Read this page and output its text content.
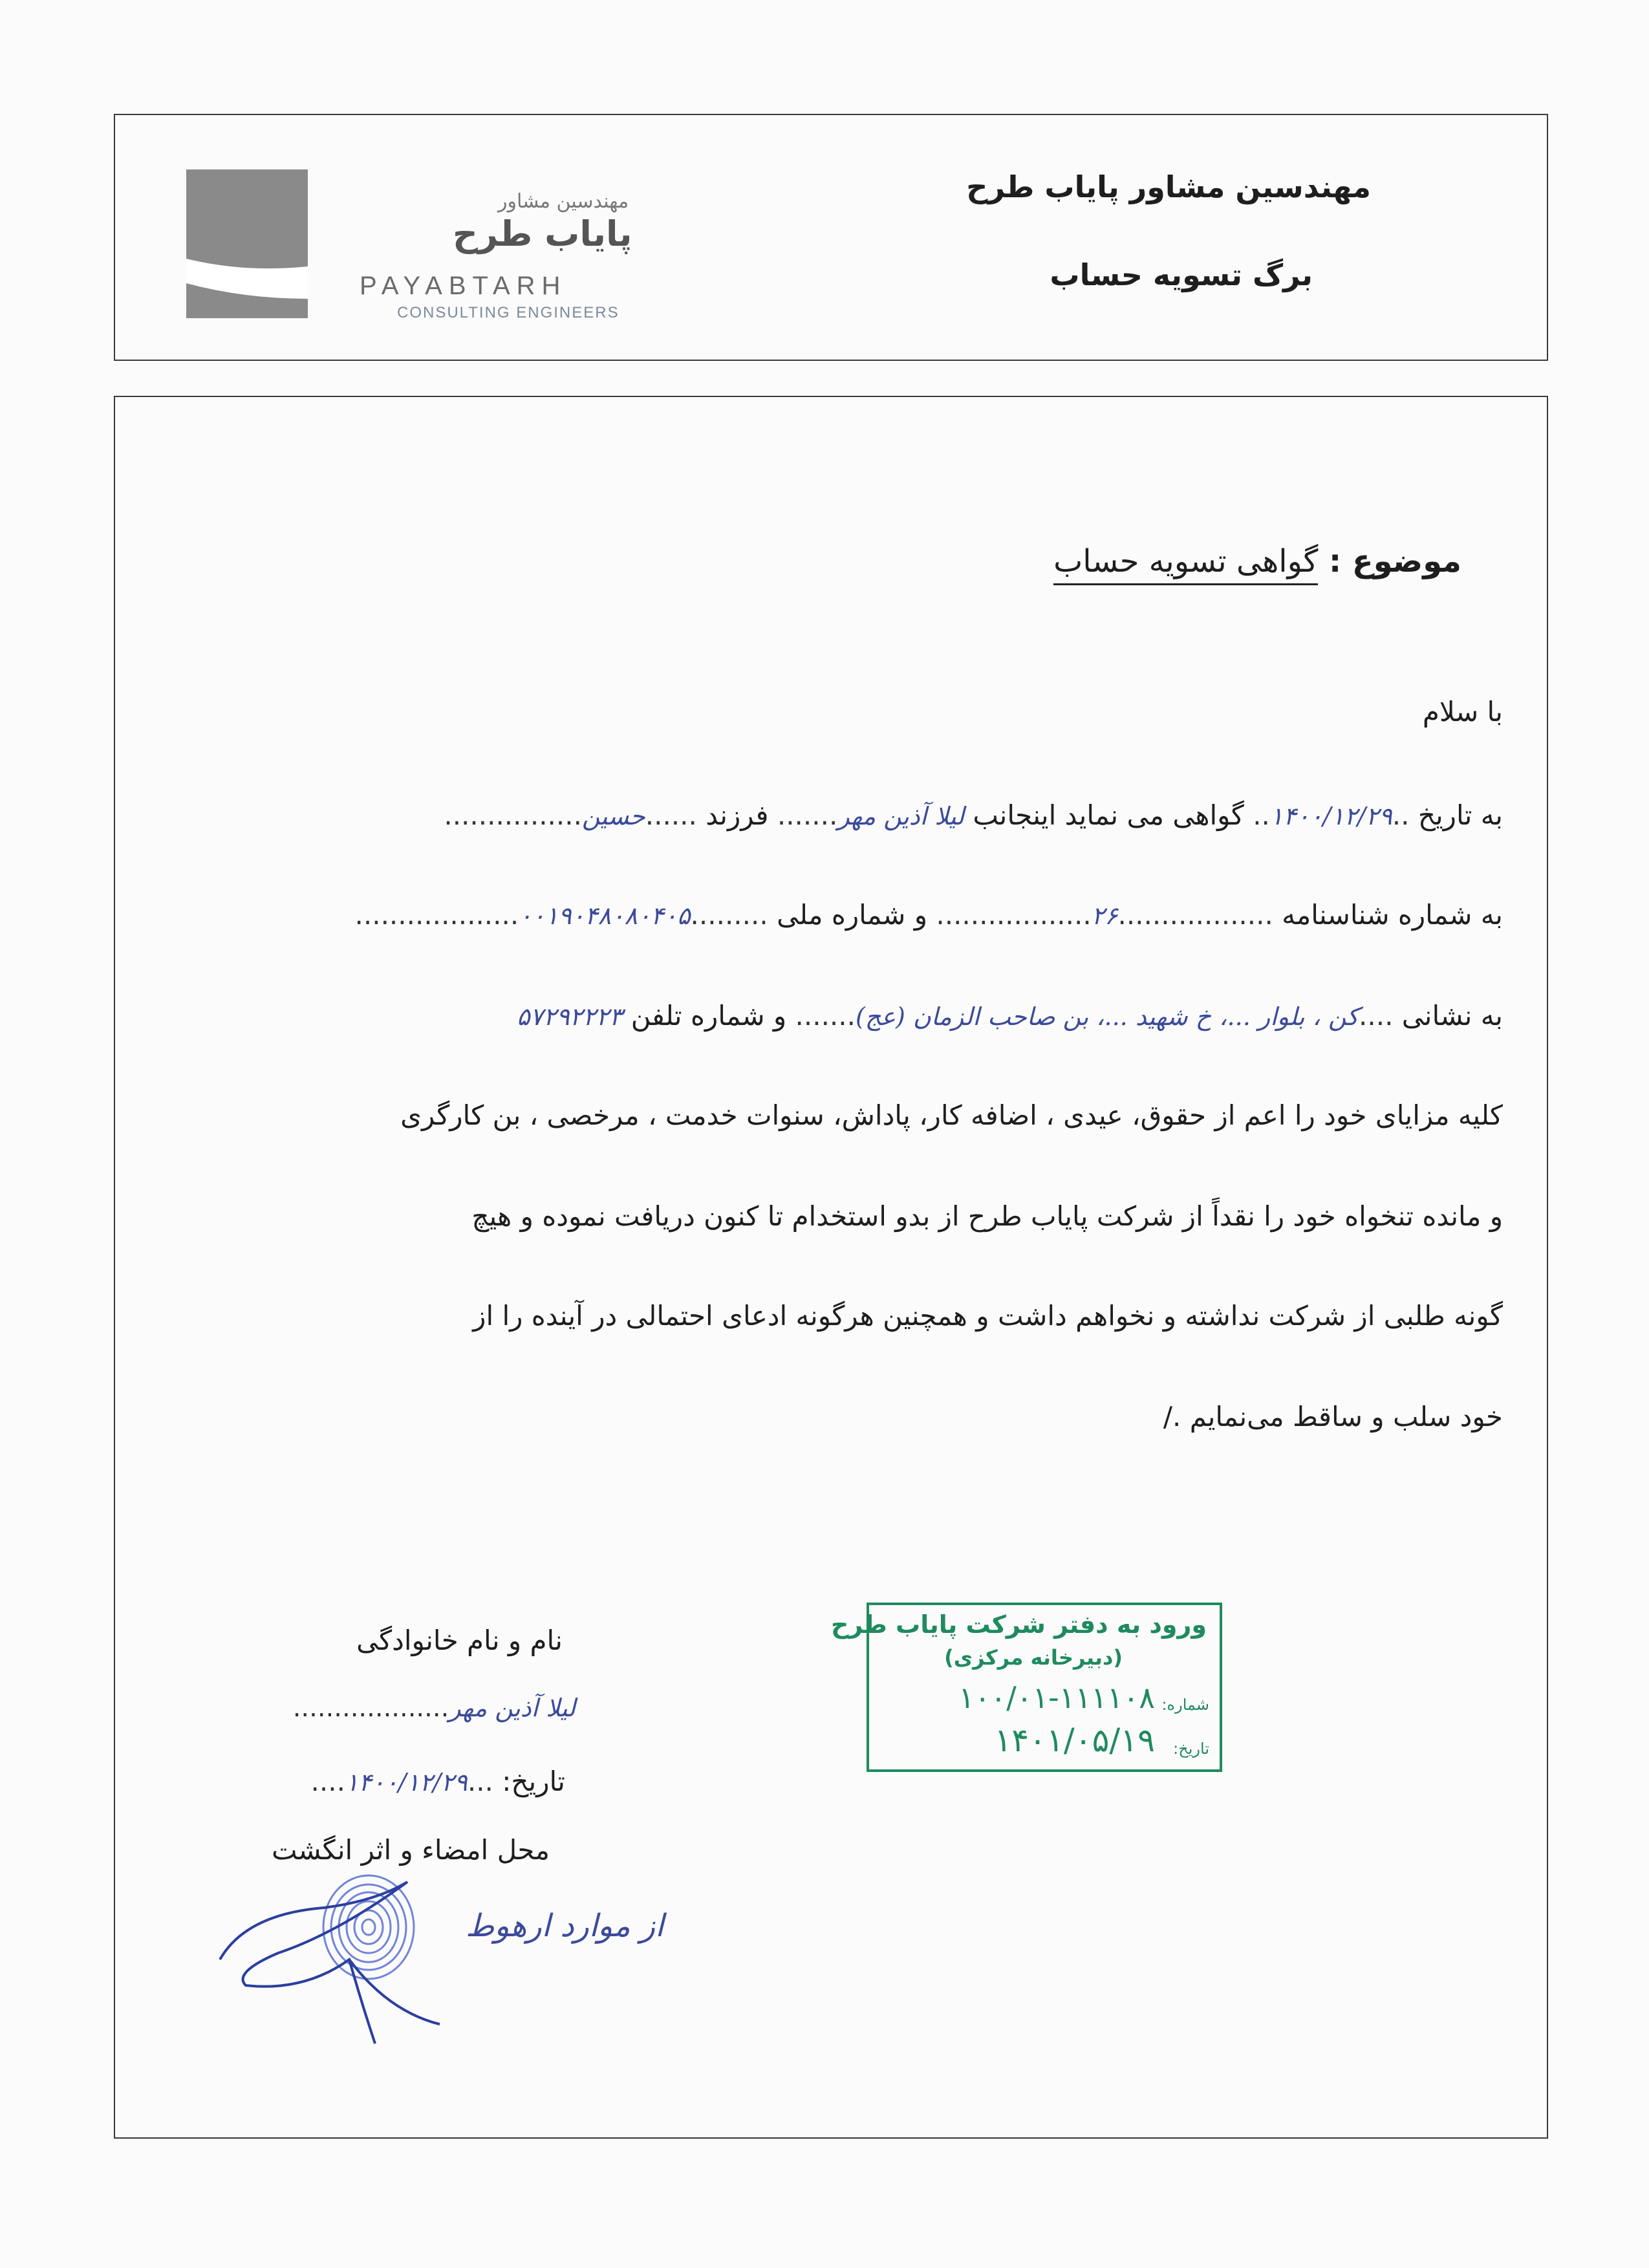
مهندسین مشاور
پایاب طرح
PAYABTARH
CONSULTING ENGINEERS
مهندسین مشاور پایاب طرح
برگ تسویه حساب
موضوع : گواهی تسویه حساب
با سلام
به تاریخ ..۱۴۰۰/۱۲/۲۹.. گواهی می نماید اینجانب لیلا آذین مهر....... فرزند ......حسین................
به شماره شناسنامه ..................۲۶.................. و شماره ملی .........۰۰۱۹۰۴۸۰۸۰۴۰۵...................
به نشانی ....کن ، بلوار ...، خ شهید ...، بن صاحب الزمان (عج)....... و شماره تلفن ۵۷۲۹۲۲۲۳
کلیه مزایای خود را اعم از حقوق، عیدی ، اضافه کار، پاداش، سنوات خدمت ، مرخصی ، بن کارگری
و مانده تنخواه خود را نقداً از شرکت پایاب طرح از بدو استخدام تا کنون دریافت نموده و هیچ
گونه طلبی از شرکت نداشته و نخواهم داشت و همچنین هرگونه ادعای احتمالی در آینده را از
خود سلب و ساقط می‌نمایم ./
ورود به دفتر شرکت پایاب طرح
(دبیرخانه مرکزی)
شماره:
۱۰۰/۰۱-۱۱۱۱۰۸
تاریخ:
۱۴۰۱/۰۵/۱۹
نام و نام خانوادگی
لیلا آذین مهر...................
تاریخ: ...۱۴۰۰/۱۲/۲۹....
محل امضاء و اثر انگشت
از موارد ارهوط
